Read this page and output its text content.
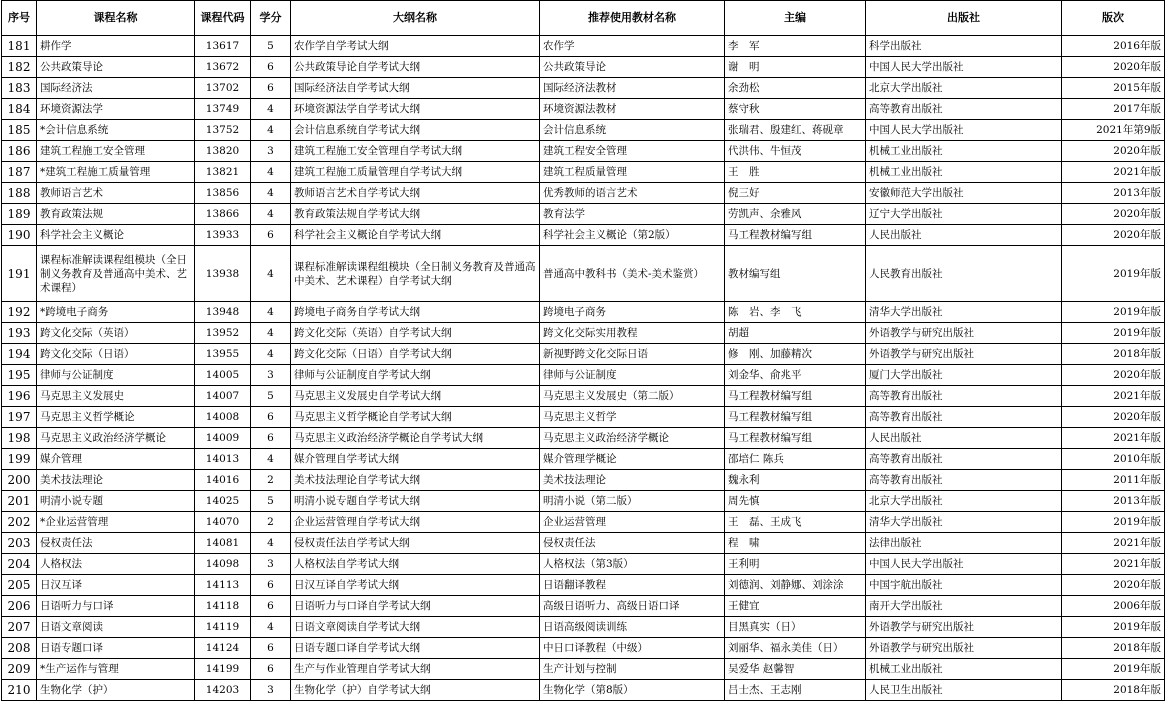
序号	课程名称	课程代码	学分	大纲名称	推荐使用教材名称	主编	出版社	版次
181	耕作学	13617	5	农作学自学考试大纲	农作学	李　军	科学出版社	2016年版
182	公共政策导论	13672	6	公共政策导论自学考试大纲	公共政策导论	谢　明	中国人民大学出版社	2020年版
183	国际经济法	13702	6	国际经济法自学考试大纲	国际经济法教材	余劲松	北京大学出版社	2015年版
184	环境资源法学	13749	4	环境资源法学自学考试大纲	环境资源法教材	蔡守秋	高等教育出版社	2017年版
185	*会计信息系统	13752	4	会计信息系统自学考试大纲	会计信息系统	张瑞君、殷建红、蒋砚章	中国人民大学出版社	2021年第9版
186	建筑工程施工安全管理	13820	3	建筑工程施工安全管理自学考试大纲	建筑工程安全管理	代洪伟、牛恒茂	机械工业出版社	2020年版
187	*建筑工程施工质量管理	13821	4	建筑工程施工质量管理自学考试大纲	建筑工程质量管理	王　胜	机械工业出版社	2021年版
188	教师语言艺术	13856	4	教师语言艺术自学考试大纲	优秀教师的语言艺术	倪三好	安徽师范大学出版社	2013年版
189	教育政策法规	13866	4	教育政策法规自学考试大纲	教育法学	劳凯声、余雅风	辽宁大学出版社	2020年版
190	科学社会主义概论	13933	6	科学社会主义概论自学考试大纲	科学社会主义概论（第2版）	马工程教材编写组	人民出版社	2020年版
191	课程标准解读课程组模块（全日制义务教育及普通高中美术、艺术课程）	13938	4	课程标准解读课程组模块（全日制义务教育及普通高中美术、艺术课程）自学考试大纲	普通高中教科书（美术-美术鉴赏）	教材编写组	人民教育出版社	2019年版
192	*跨境电子商务	13948	4	跨境电子商务自学考试大纲	跨境电子商务	陈　岩、李　飞	清华大学出版社	2019年版
193	跨文化交际（英语）	13952	4	跨文化交际（英语）自学考试大纲	跨文化交际实用教程	胡超	外语教学与研究出版社	2019年版
194	跨文化交际（日语）	13955	4	跨文化交际（日语）自学考试大纲	新视野跨文化交际日语	修　刚、加藤精次	外语教学与研究出版社	2018年版
195	律师与公证制度	14005	3	律师与公证制度自学考试大纲	律师与公证制度	刘金华、俞兆平	厦门大学出版社	2020年版
196	马克思主义发展史	14007	5	马克思主义发展史自学考试大纲	马克思主义发展史（第二版）	马工程教材编写组	高等教育出版社	2021年版
197	马克思主义哲学概论	14008	6	马克思主义哲学概论自学考试大纲	马克思主义哲学	马工程教材编写组	高等教育出版社	2020年版
198	马克思主义政治经济学概论	14009	6	马克思主义政治经济学概论自学考试大纲	马克思主义政治经济学概论	马工程教材编写组	人民出版社	2021年版
199	媒介管理	14013	4	媒介管理自学考试大纲	媒介管理学概论	邵培仁 陈兵	高等教育出版社	2010年版
200	美术技法理论	14016	2	美术技法理论自学考试大纲	美术技法理论	魏永利	高等教育出版社	2011年版
201	明清小说专题	14025	5	明清小说专题自学考试大纲	明清小说（第二版）	周先慎	北京大学出版社	2013年版
202	*企业运营管理	14070	2	企业运营管理自学考试大纲	企业运营管理	王　磊、王成飞	清华大学出版社	2019年版
203	侵权责任法	14081	4	侵权责任法自学考试大纲	侵权责任法	程　啸	法律出版社	2021年版
204	人格权法	14098	3	人格权法自学考试大纲	人格权法（第3版）	王利明	中国人民大学出版社	2021年版
205	日汉互译	14113	6	日汉互译自学考试大纲	日语翻译教程	刘德润、刘静娜、刘涂涂	中国宇航出版社	2020年版
206	日语听力与口译	14118	6	日语听力与口译自学考试大纲	高级日语听力、高级日语口译	王健宜	南开大学出版社	2006年版
207	日语文章阅读	14119	4	日语文章阅读自学考试大纲	日语高级阅读训练	目黑真实（日）	外语教学与研究出版社	2019年版
208	日语专题口译	14124	6	日语专题口译自学考试大纲	中日口译教程（中级）	刘丽华、福永美佳（日）	外语教学与研究出版社	2018年版
209	*生产运作与管理	14199	6	生产与作业管理自学考试大纲	生产计划与控制	吴爱华 赵馨智	机械工业出版社	2019年版
210	生物化学（护）	14203	3	生物化学（护）自学考试大纲	生物化学（第8版）	吕士杰、王志刚	人民卫生出版社	2018年版
